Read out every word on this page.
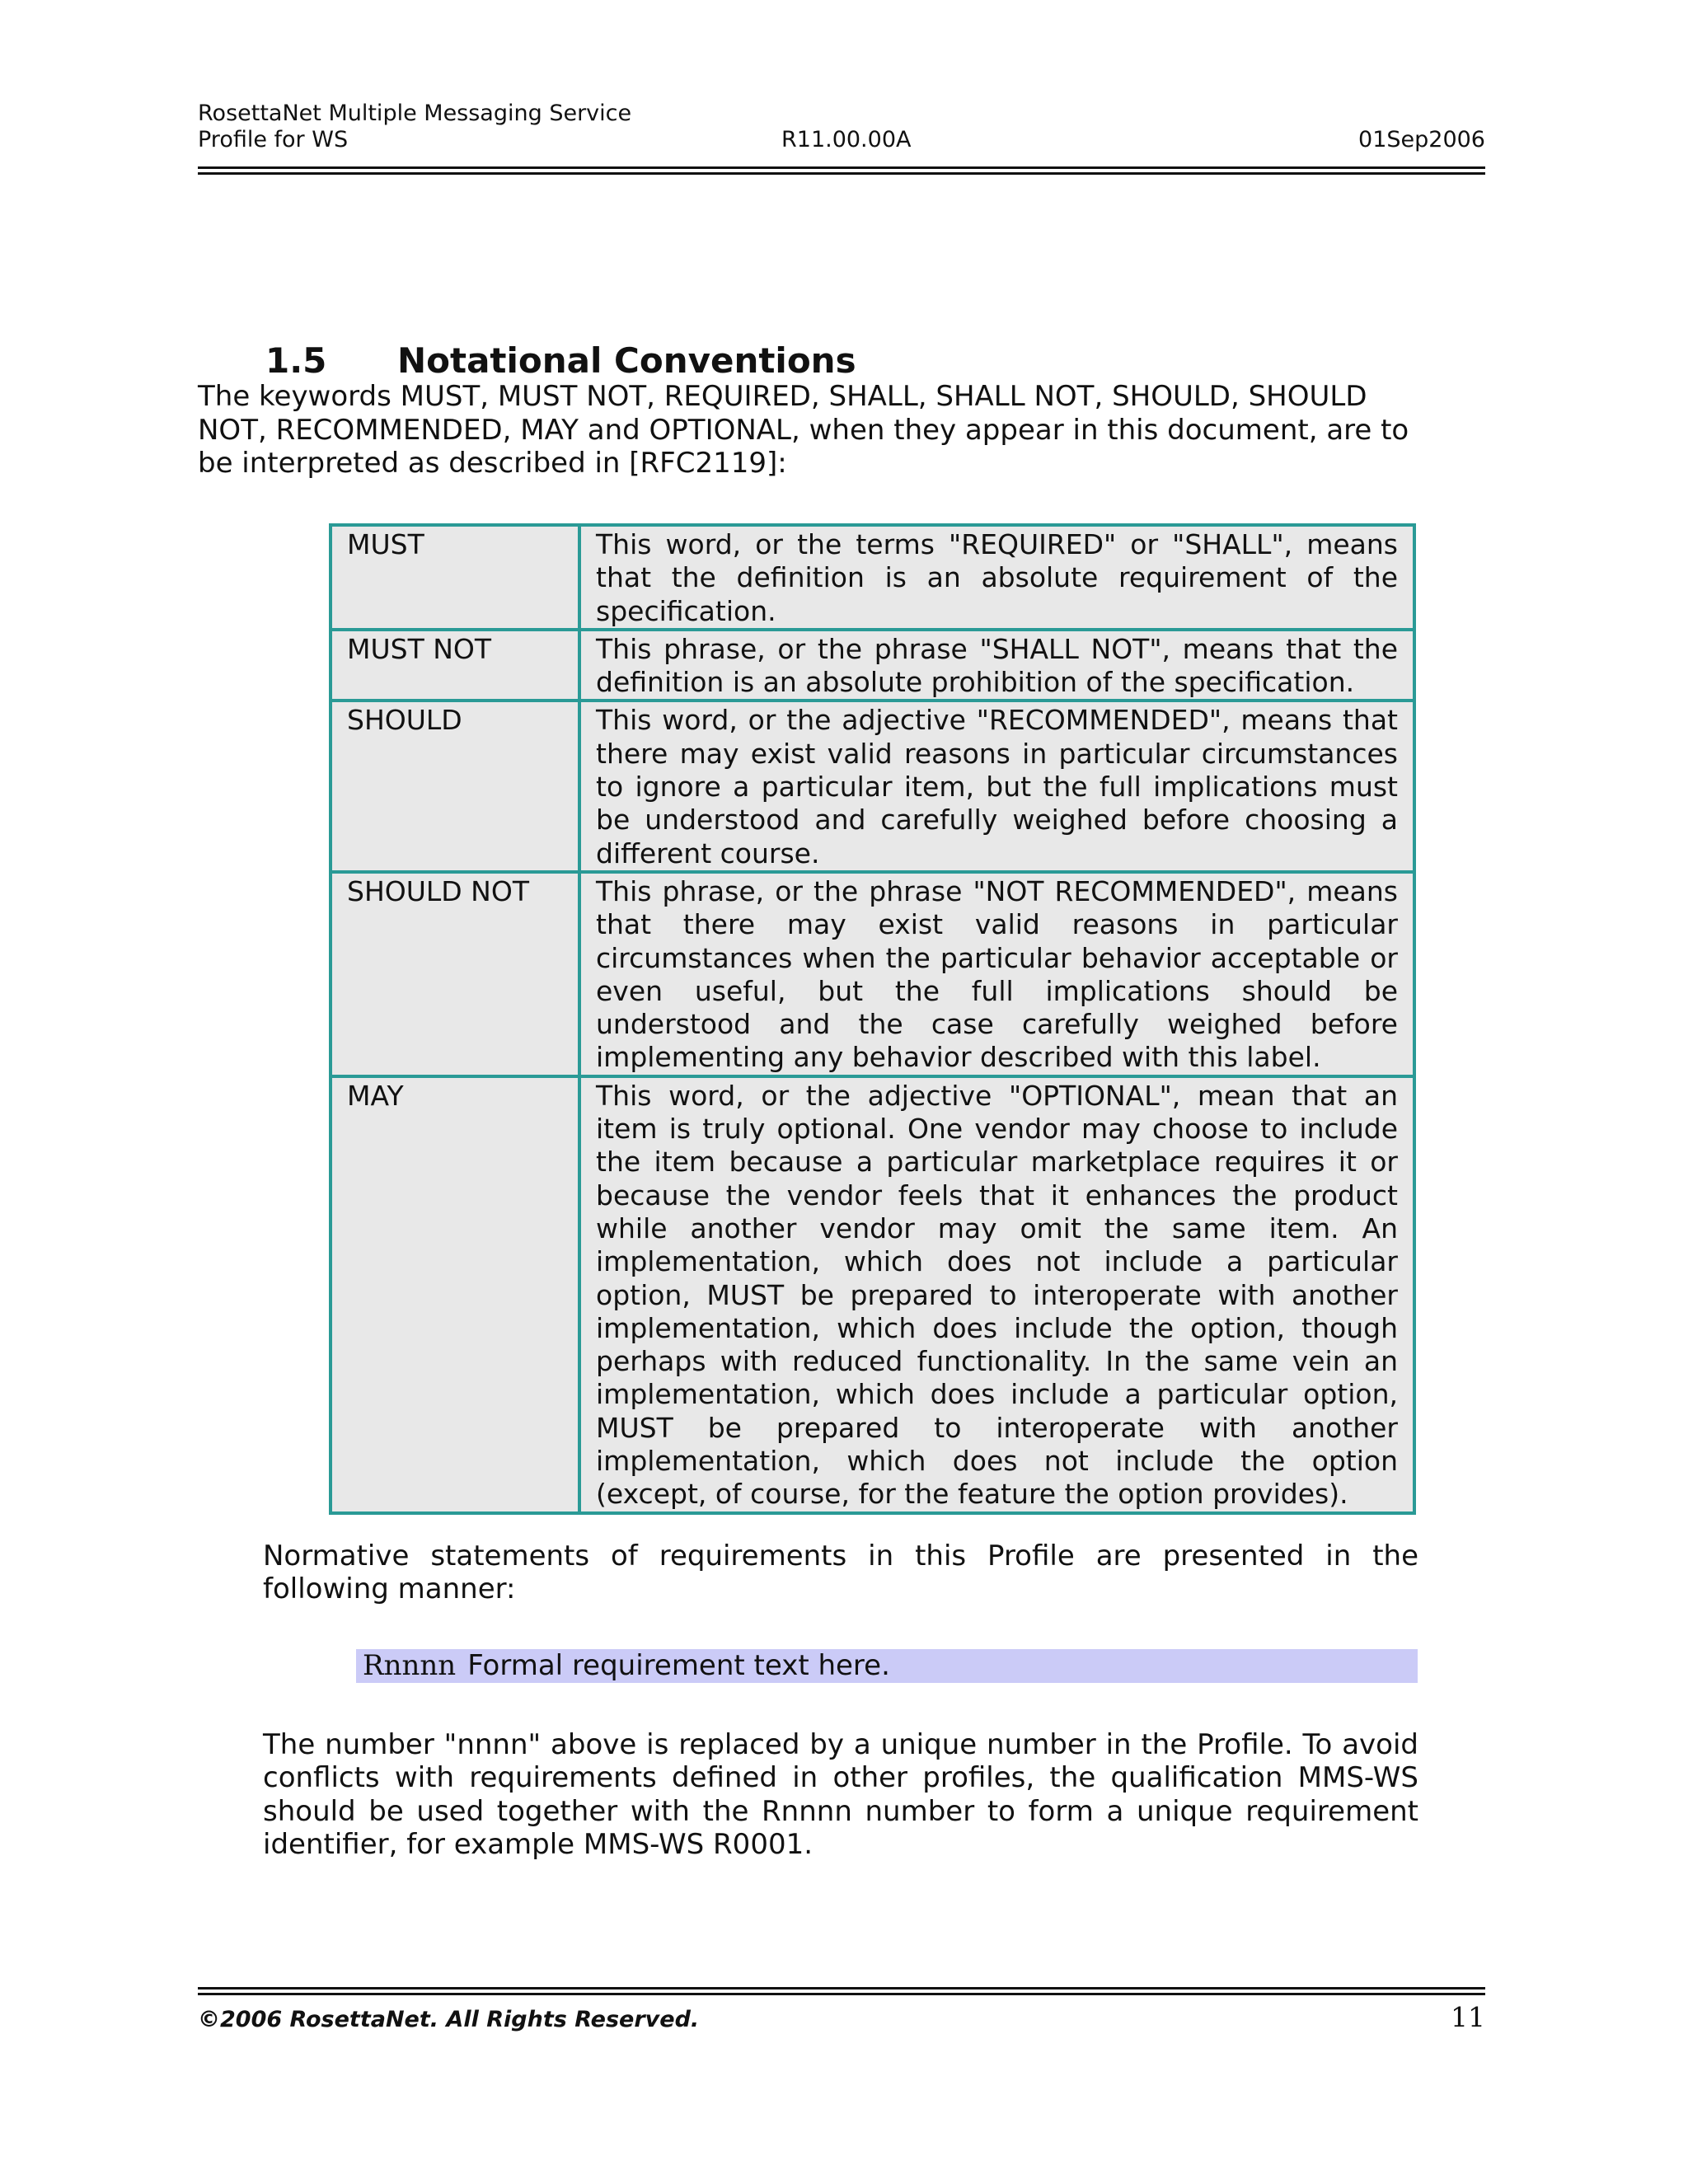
RosettaNet Multiple Messaging Service
Profile for WS	R11.00.00A	01Sep2006
1.5 Notational Conventions
The keywords MUST, MUST NOT, REQUIRED, SHALL, SHALL NOT, SHOULD, SHOULD NOT, RECOMMENDED, MAY and OPTIONAL, when they appear in this document, are to be interpreted as described in [RFC2119]:
MUST	This word, or the terms "REQUIRED" or "SHALL", means that the definition is an absolute requirement of the specification.
MUST NOT	This phrase, or the phrase "SHALL NOT", means that the definition is an absolute prohibition of the specification.
SHOULD	This word, or the adjective "RECOMMENDED", means that there may exist valid reasons in particular circumstances to ignore a particular item, but the full implications must be understood and carefully weighed before choosing a different course.
SHOULD NOT	This phrase, or the phrase "NOT RECOMMENDED", means that there may exist valid reasons in particular circumstances when the particular behavior acceptable or even useful, but the full implications should be understood and the case carefully weighed before implementing any behavior described with this label.
MAY	This word, or the adjective "OPTIONAL", mean that an item is truly optional. One vendor may choose to include the item because a particular marketplace requires it or because the vendor feels that it enhances the product while another vendor may omit the same item. An implementation, which does not include a particular option, MUST be prepared to interoperate with another implementation, which does include the option, though perhaps with reduced functionality. In the same vein an implementation, which does include a particular option, MUST be prepared to interoperate with another implementation, which does not include the option (except, of course, for the feature the option provides).
Normative statements of requirements in this Profile are presented in the following manner:
Rnnnn Formal requirement text here.
The number "nnnn" above is replaced by a unique number in the Profile. To avoid conflicts with requirements defined in other profiles, the qualification MMS-WS should be used together with the Rnnnn number to form a unique requirement identifier, for example MMS-WS R0001.
©2006 RosettaNet. All Rights Reserved.	11
